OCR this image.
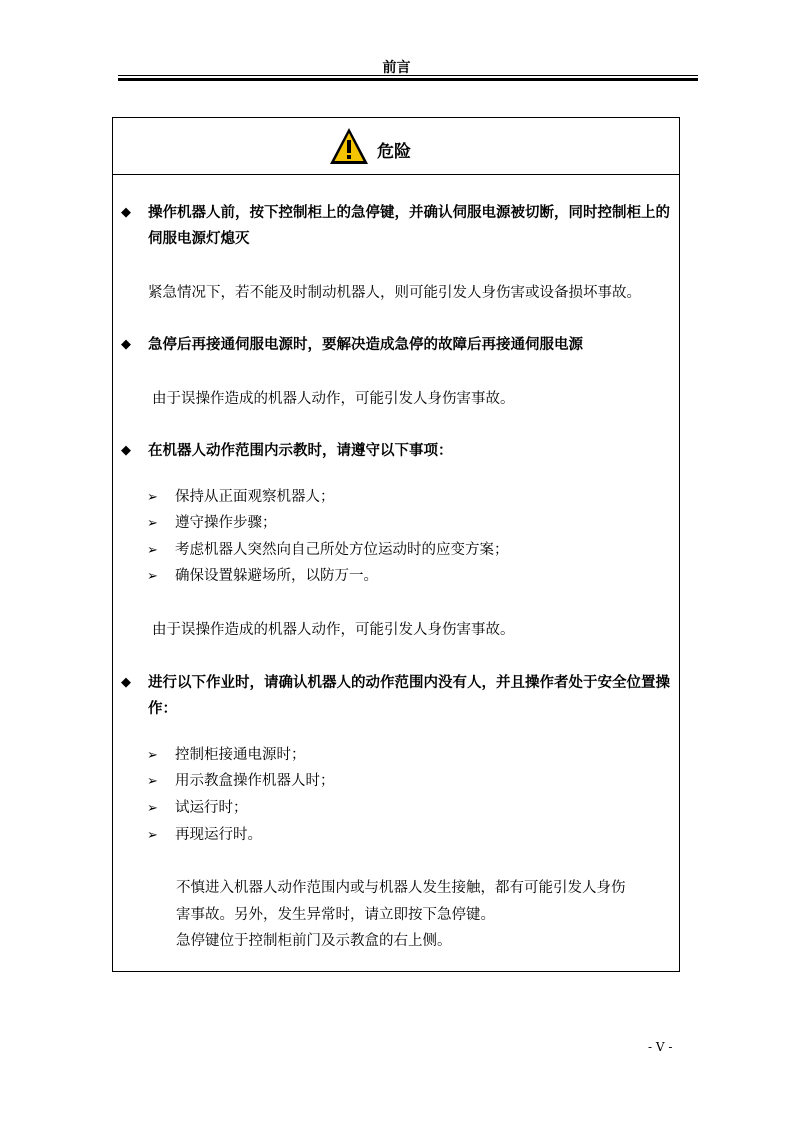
前言
危险
◆ 操作机器人前，按下控制柜上的急停键，并确认伺服电源被切断，同时控制柜上的伺服电源灯熄灭
紧急情况下，若不能及时制动机器人，则可能引发人身伤害或设备损坏事故。
◆ 急停后再接通伺服电源时，要解决造成急停的故障后再接通伺服电源
由于误操作造成的机器人动作，可能引发人身伤害事故。
◆ 在机器人动作范围内示教时，请遵守以下事项：
➢ 保持从正面观察机器人；
➢ 遵守操作步骤；
➢ 考虑机器人突然向自己所处方位运动时的应变方案；
➢ 确保设置躲避场所，以防万一。
由于误操作造成的机器人动作，可能引发人身伤害事故。
◆ 进行以下作业时，请确认机器人的动作范围内没有人，并且操作者处于安全位置操作：
➢ 控制柜接通电源时；
➢ 用示教盒操作机器人时；
➢ 试运行时；
➢ 再现运行时。
不慎进入机器人动作范围内或与机器人发生接触，都有可能引发人身伤
害事故。另外，发生异常时，请立即按下急停键。
急停键位于控制柜前门及示教盒的右上侧。
- V -
